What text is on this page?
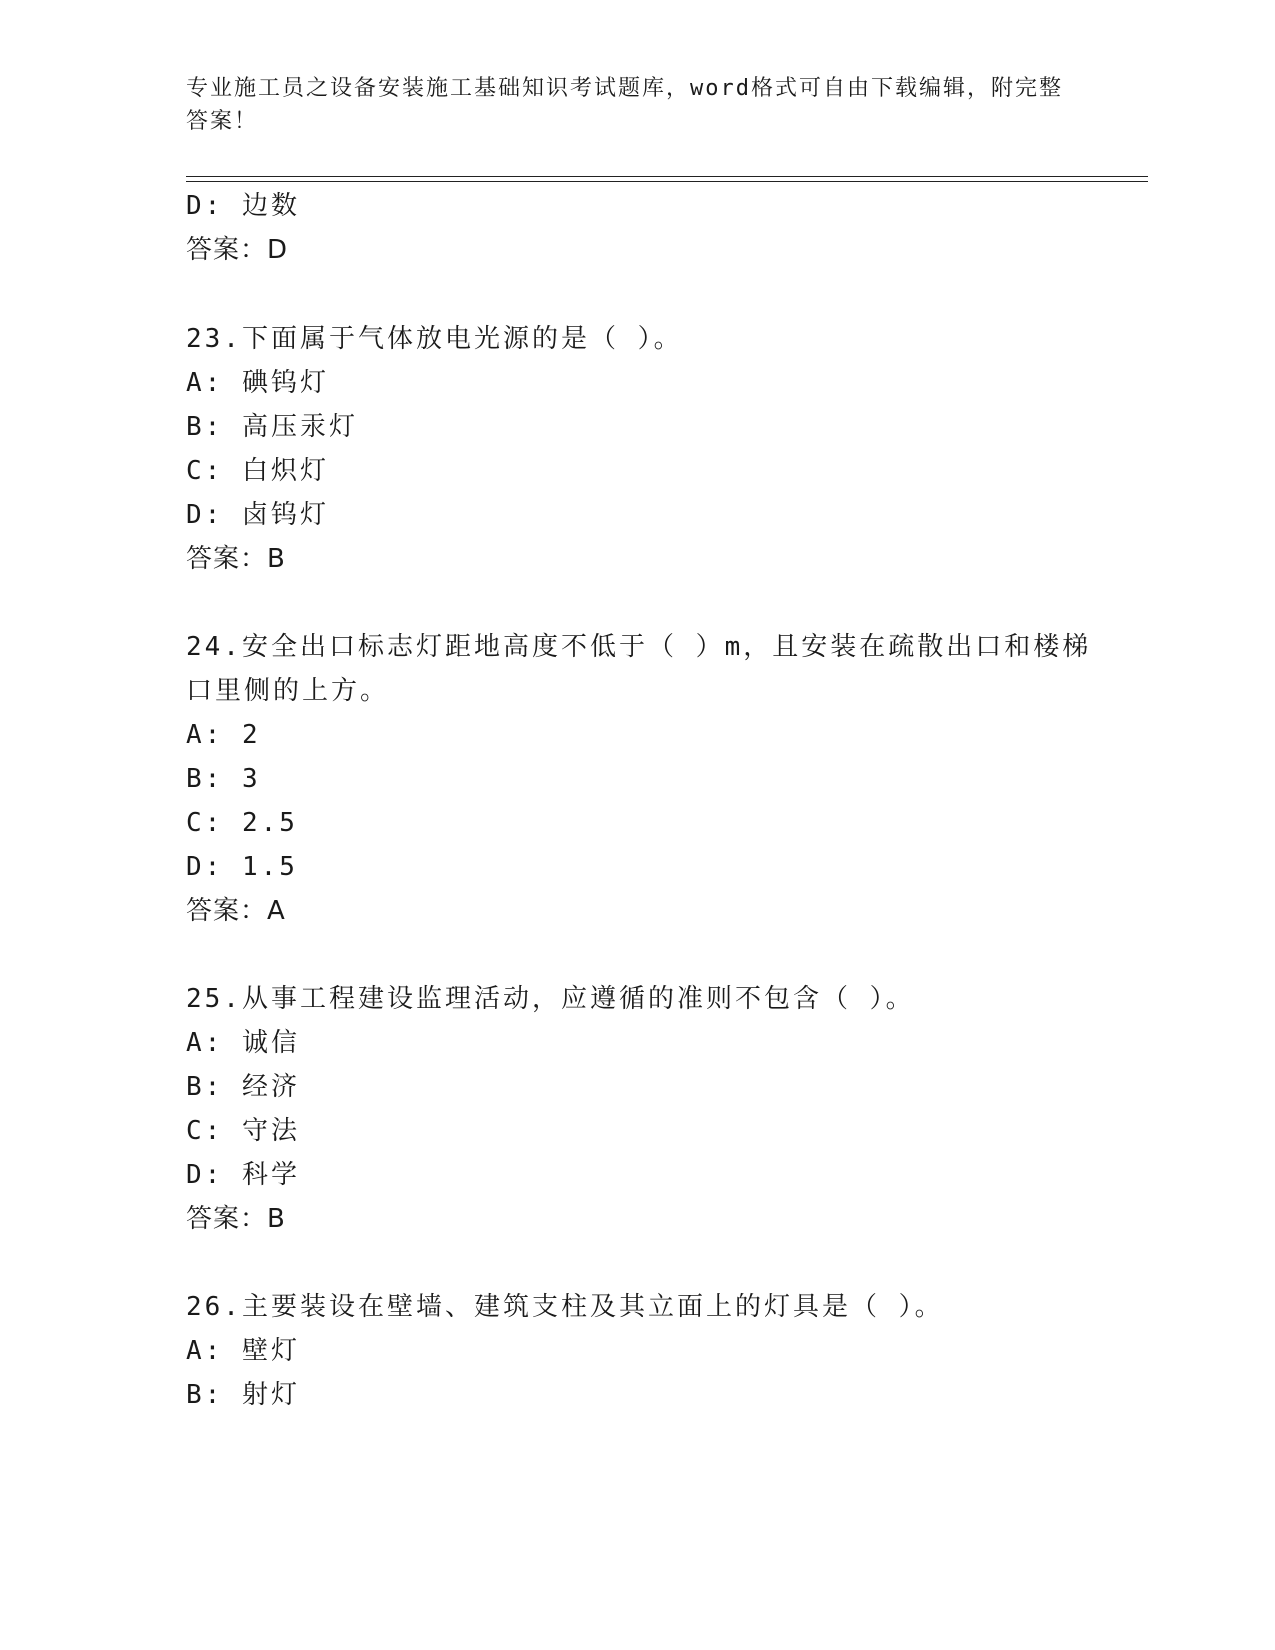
专业施工员之设备安装施工基础知识考试题库，word格式可自由下载编辑，附完整答案！
D: 边数
答案：D
23.下面属于气体放电光源的是（ ）。
A: 碘钨灯
B: 高压汞灯
C: 白炽灯
D: 卤钨灯
答案：B
24.安全出口标志灯距地高度不低于（ ）m，且安装在疏散出口和楼梯
口里侧的上方。
A: 2
B: 3
C: 2.5
D: 1.5
答案：A
25.从事工程建设监理活动，应遵循的准则不包含（ ）。
A: 诚信
B: 经济
C: 守法
D: 科学
答案：B
26.主要装设在壁墙、建筑支柱及其立面上的灯具是（ ）。
A: 壁灯
B: 射灯
